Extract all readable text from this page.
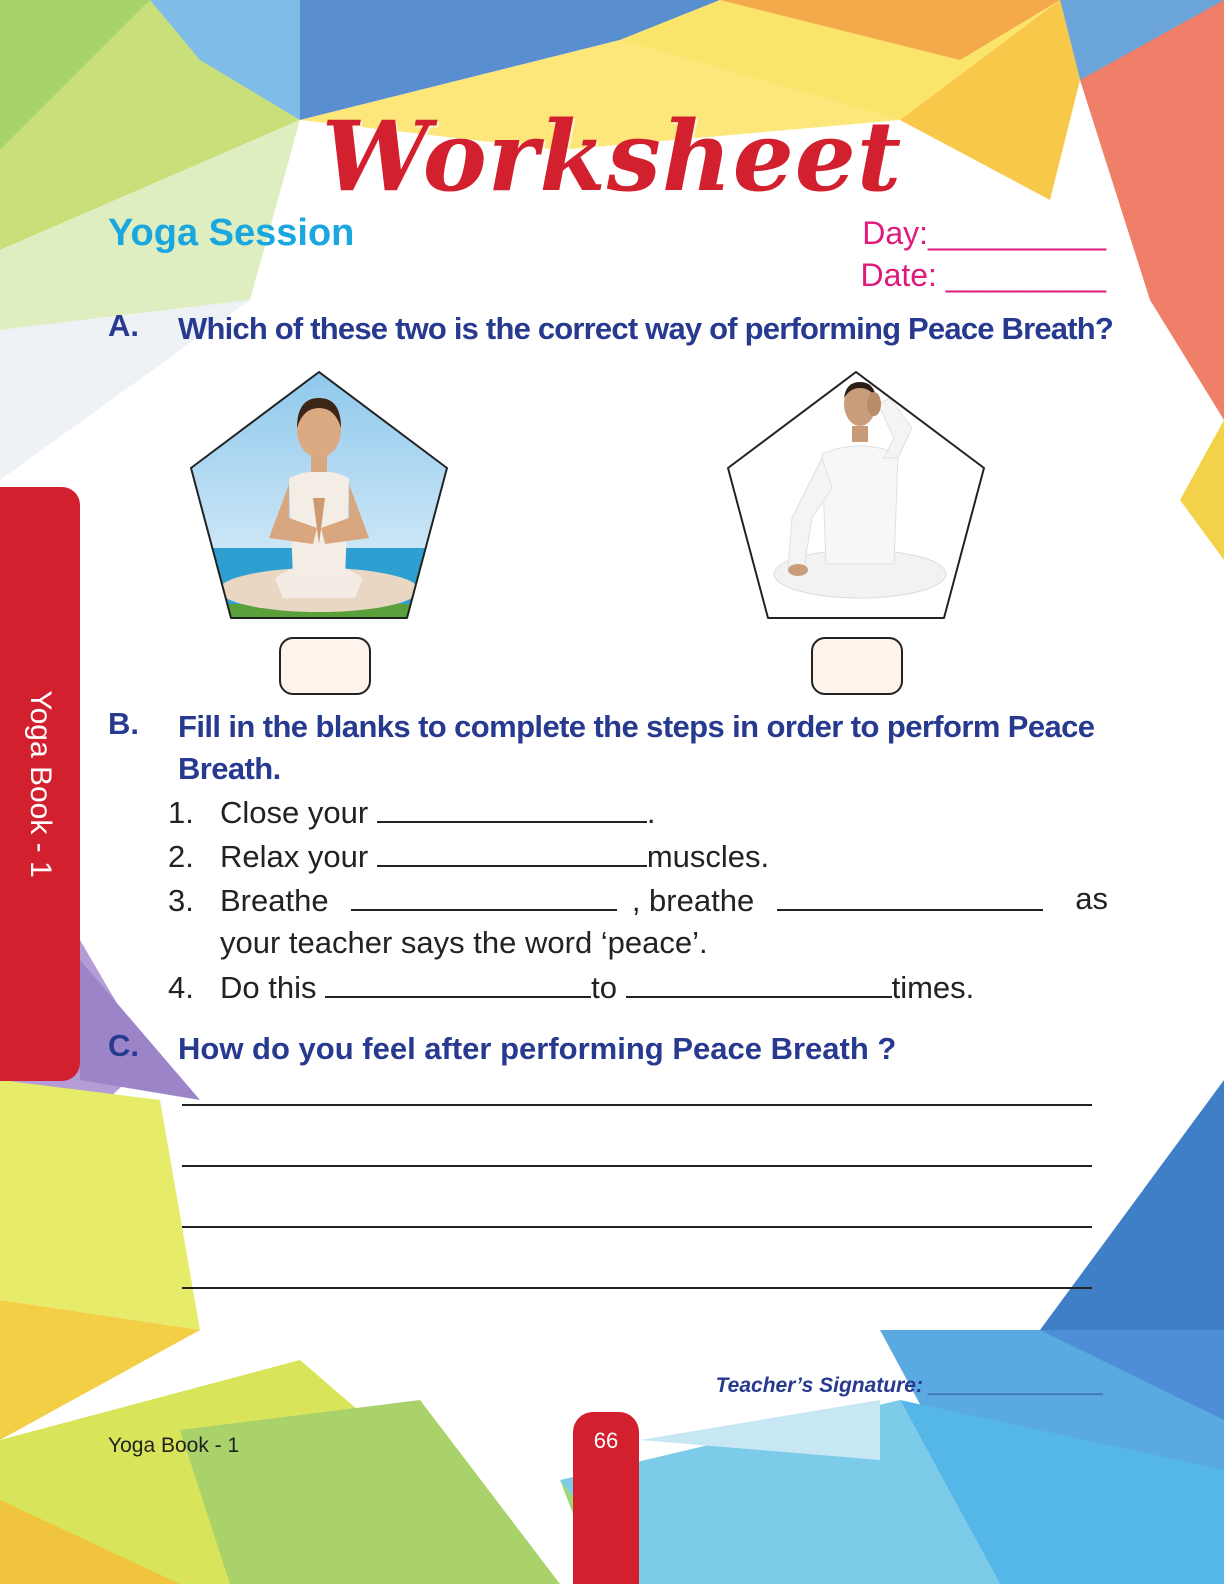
Worksheet
Yoga Session	Day:__________
Date: _________
A. Which of these two is the correct way of performing Peace Breath?
B. Fill in the blanks to complete the steps in order to perform Peace
Breath.
1. Close your	.
2. Relax your	muscles.
3. Breathe	, breathe	as
your teacher says the word ‘peace’.
4. Do this	to	times.
C. How do you feel after performing Peace Breath ?
Yoga Book - 1
Teacher’s Signature: _______________
Yoga Book - 1	66
